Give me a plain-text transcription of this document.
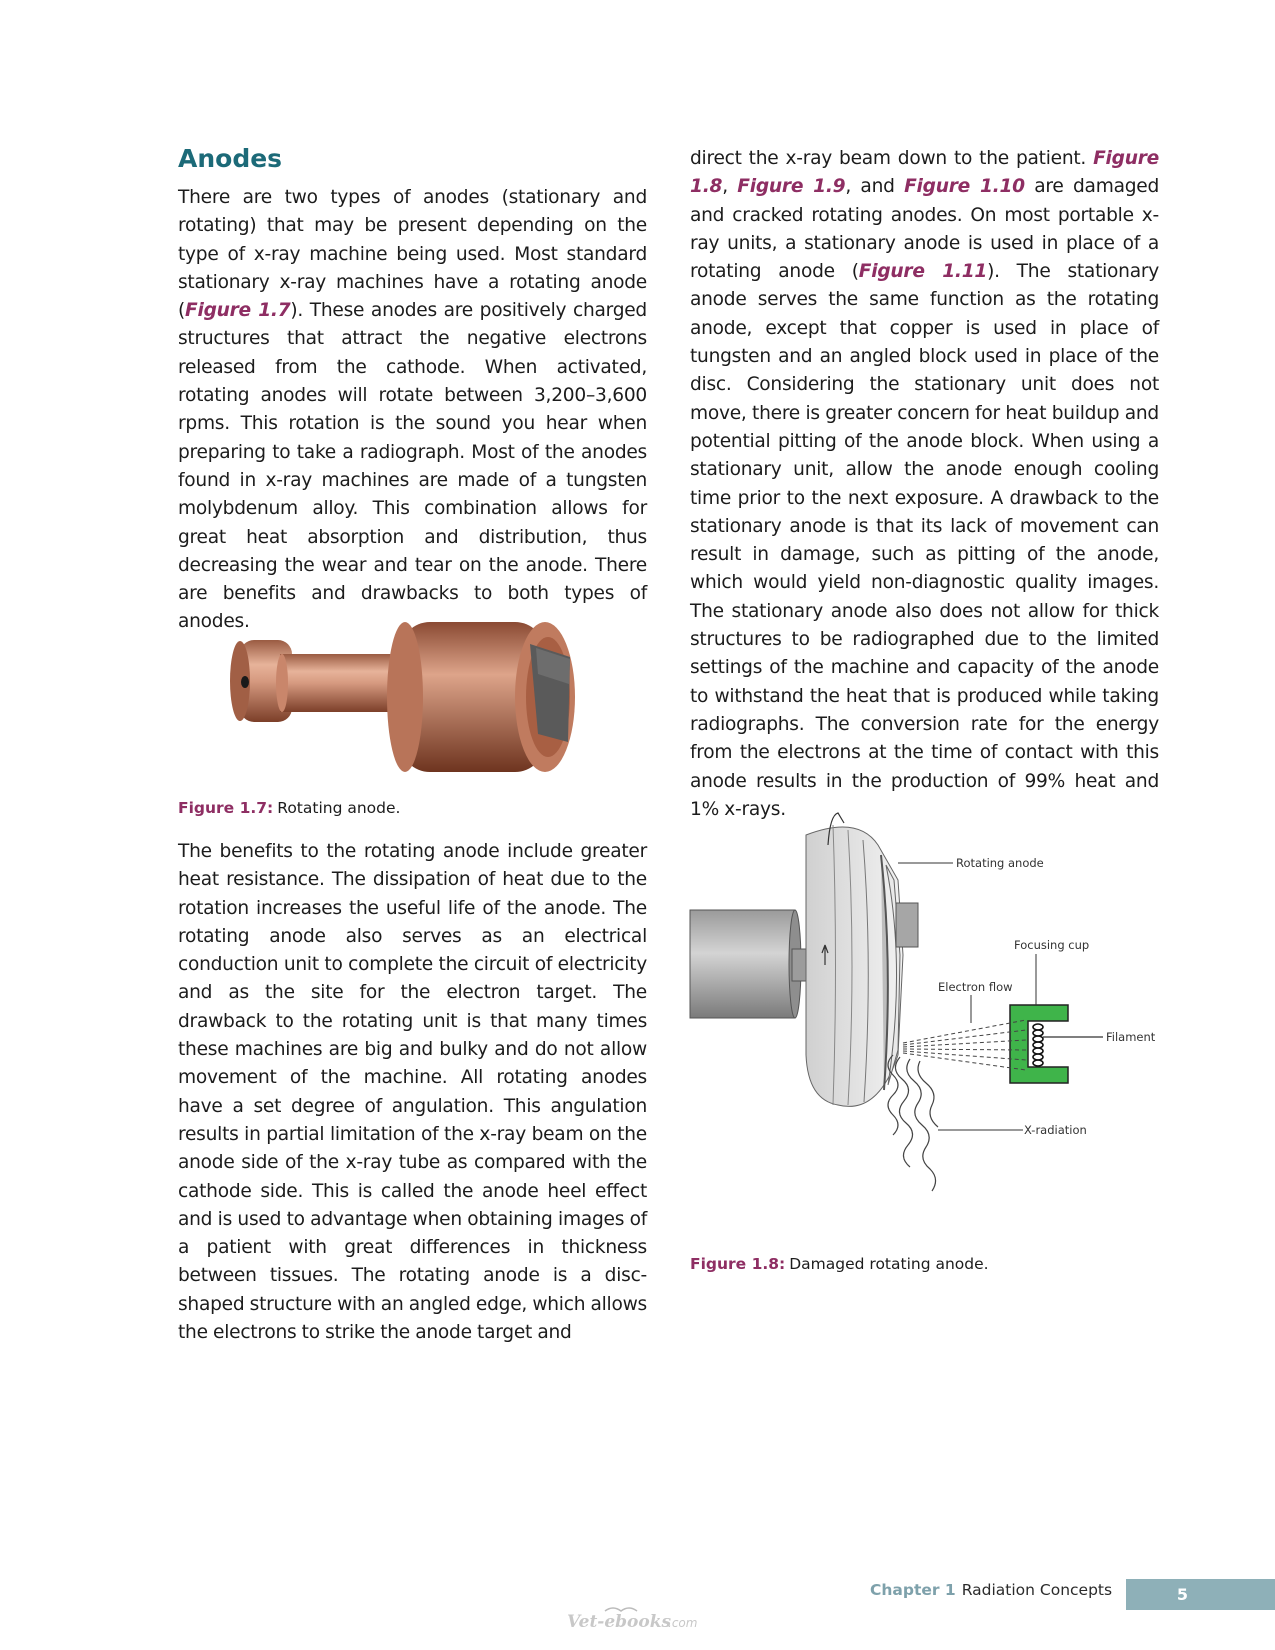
Anodes

There are two types of anodes (stationary and rotating) that may be present depending on the type of x-ray machine being used. Most standard stationary x-ray machines have a rotating anode (Figure 1.7). These anodes are positively charged structures that attract the negative electrons released from the cathode. When activated, rotating anodes will rotate between 3,200–3,600 rpms. This rotation is the sound you hear when preparing to take a radiograph. Most of the anodes found in x-ray machines are made of a tungsten molybdenum alloy. This combination allows for great heat absorption and distribution, thus decreasing the wear and tear on the anode. There are benefits and drawbacks to both types of anodes.

Figure 1.7: Rotating anode.

The benefits to the rotating anode include greater heat resistance. The dissipation of heat due to the rotation increases the useful life of the anode. The rotating anode also serves as an electrical conduction unit to complete the circuit of electricity and as the site for the electron target. The drawback to the rotating unit is that many times these machines are big and bulky and do not allow movement of the machine. All rotating anodes have a set degree of angulation. This angulation results in partial limitation of the x-ray beam on the anode side of the x-ray tube as compared with the cathode side. This is called the anode heel effect and is used to advantage when obtaining images of a patient with great differences in thickness between tissues. The rotating anode is a disc-shaped structure with an angled edge, which allows the electrons to strike the anode target and

direct the x-ray beam down to the patient. Figure 1.8, Figure 1.9, and Figure 1.10 are damaged and cracked rotating anodes. On most portable x-ray units, a stationary anode is used in place of a rotating anode (Figure 1.11). The stationary anode serves the same function as the rotating anode, except that copper is used in place of tungsten and an angled block used in place of the disc. Considering the stationary unit does not move, there is greater concern for heat buildup and potential pitting of the anode block. When using a stationary unit, allow the anode enough cooling time prior to the next exposure. A drawback to the stationary anode is that its lack of movement can result in damage, such as pitting of the anode, which would yield non-diagnostic quality images. The stationary anode also does not allow for thick structures to be radiographed due to the limited settings of the machine and capacity of the anode to withstand the heat that is produced while taking radiographs. The conversion rate for the energy from the electrons at the time of contact with this anode results in the production of 99% heat and 1% x-rays.

Rotating anode
Focusing cup
Electron flow
Filament
X-radiation
Figure 1.8: Damaged rotating anode.
Chapter 1 Radiation Concepts	5
Vet-ebooks
.com
